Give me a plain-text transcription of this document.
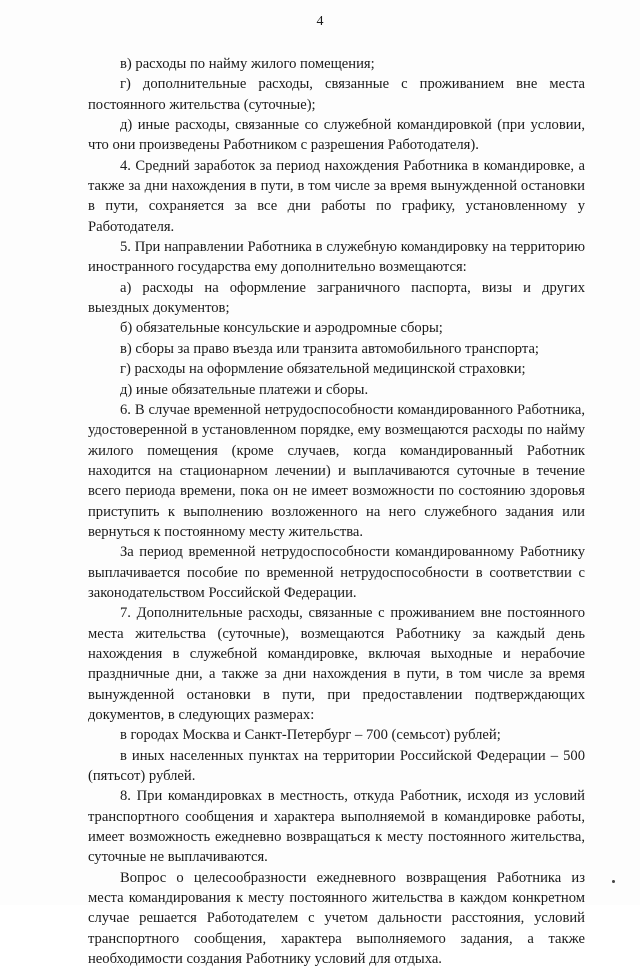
4

в) расходы по найму жилого помещения;

г) дополнительные расходы, связанные с проживанием вне места постоянного жительства (суточные);

д) иные расходы, связанные со служебной командировкой (при условии, что они произведены Работником с разрешения Работодателя).

4. Средний заработок за период нахождения Работника в командировке, а также за дни нахождения в пути, в том числе за время вынужденной остановки в пути, сохраняется за все дни работы по графику, установленному у Работодателя.

5. При направлении Работника в служебную командировку на территорию иностранного государства ему дополнительно возмещаются:

а) расходы на оформление заграничного паспорта, визы и других выездных документов;

б) обязательные консульские и аэродромные сборы;

в) сборы за право въезда или транзита автомобильного транспорта;

г) расходы на оформление обязательной медицинской страховки;

д) иные обязательные платежи и сборы.

6. В случае временной нетрудоспособности командированного Работника, удостоверенной в установленном порядке, ему возмещаются расходы по найму жилого помещения (кроме случаев, когда командированный Работник находится на стационарном лечении) и выплачиваются суточные в течение всего периода времени, пока он не имеет возможности по состоянию здоровья приступить к выполнению возложенного на него служебного задания или вернуться к постоянному месту жительства.

За период временной нетрудоспособности командированному Работнику выплачивается пособие по временной нетрудоспособности в соответствии с законодательством Российской Федерации.

7. Дополнительные расходы, связанные с проживанием вне постоянного места жительства (суточные), возмещаются Работнику за каждый день нахождения в служебной командировке, включая выходные и нерабочие праздничные дни, а также за дни нахождения в пути, в том числе за время вынужденной остановки в пути, при предоставлении подтверждающих документов, в следующих размерах:

в городах Москва и Санкт-Петербург – 700 (семьсот) рублей;

в иных населенных пунктах на территории Российской Федерации – 500 (пятьсот) рублей.

8. При командировках в местность, откуда Работник, исходя из условий транспортного сообщения и характера выполняемой в командировке работы, имеет возможность ежедневно возвращаться к месту постоянного жительства, суточные не выплачиваются.

Вопрос о целесообразности ежедневного возвращения Работника из места командирования к месту постоянного жительства в каждом конкретном случае решается Работодателем с учетом дальности расстояния, условий транспортного сообщения, характера выполняемого задания, а также необходимости создания Работнику условий для отдыха.
